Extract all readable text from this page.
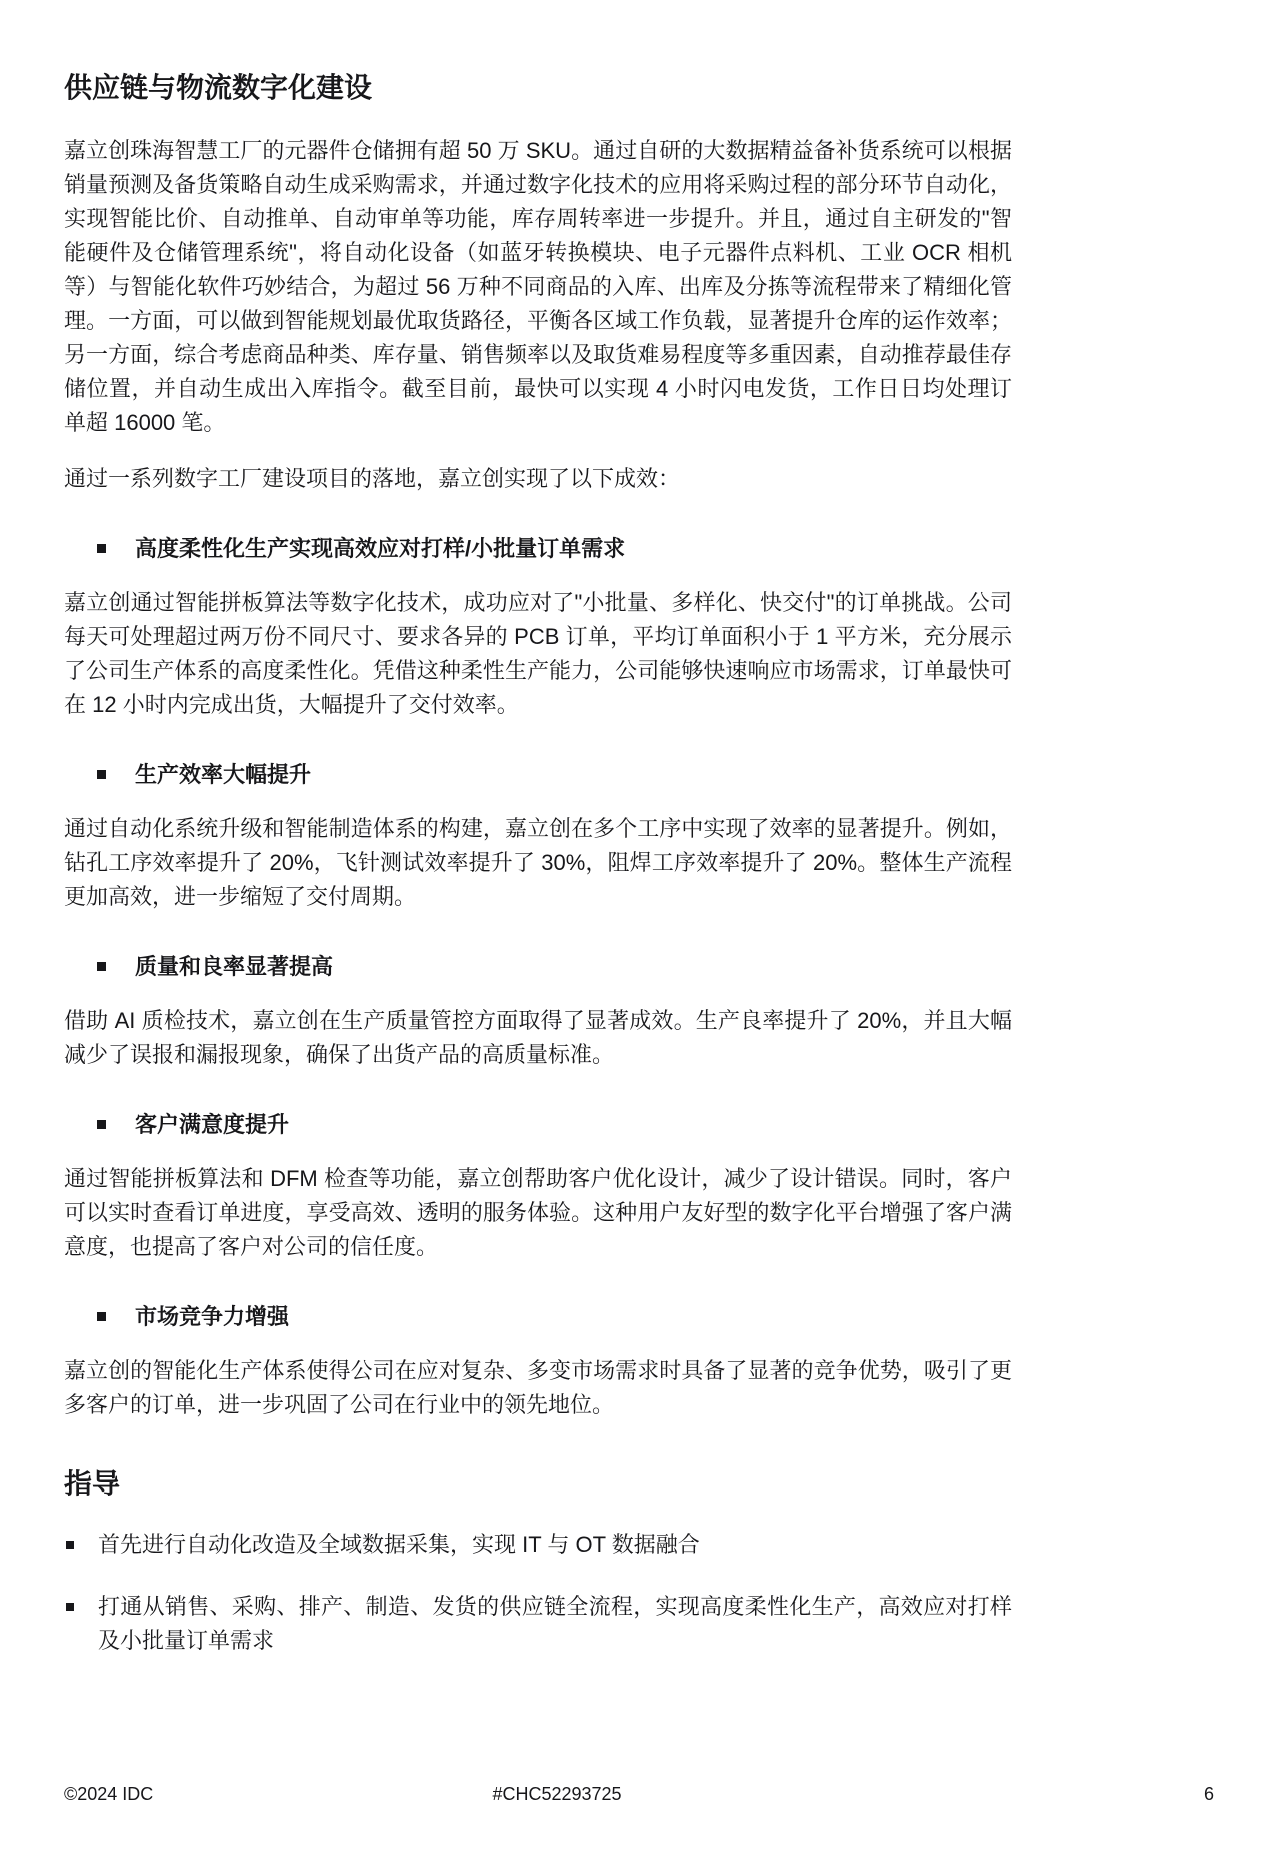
供应链与物流数字化建设

嘉立创珠海智慧工厂的元器件仓储拥有超 50 万 SKU。通过自研的大数据精益备补货系统可以根据销量预测及备货策略自动生成采购需求，并通过数字化技术的应用将采购过程的部分环节自动化，实现智能比价、自动推单、自动审单等功能，库存周转率进一步提升。并且，通过自主研发的"智能硬件及仓储管理系统"，将自动化设备（如蓝牙转换模块、电子元器件点料机、工业 OCR 相机等）与智能化软件巧妙结合，为超过 56 万种不同商品的入库、出库及分拣等流程带来了精细化管理。一方面，可以做到智能规划最优取货路径，平衡各区域工作负载，显著提升仓库的运作效率；另一方面，综合考虑商品种类、库存量、销售频率以及取货难易程度等多重因素，自动推荐最佳存储位置，并自动生成出入库指令。截至目前，最快可以实现 4 小时闪电发货，工作日日均处理订单超 16000 笔。

通过一系列数字工厂建设项目的落地，嘉立创实现了以下成效：

高度柔性化生产实现高效应对打样/小批量订单需求

嘉立创通过智能拼板算法等数字化技术，成功应对了"小批量、多样化、快交付"的订单挑战。公司每天可处理超过两万份不同尺寸、要求各异的 PCB 订单，平均订单面积小于 1 平方米，充分展示了公司生产体系的高度柔性化。凭借这种柔性生产能力，公司能够快速响应市场需求，订单最快可在 12 小时内完成出货，大幅提升了交付效率。

生产效率大幅提升

通过自动化系统升级和智能制造体系的构建，嘉立创在多个工序中实现了效率的显著提升。例如，钻孔工序效率提升了 20%，飞针测试效率提升了 30%，阻焊工序效率提升了 20%。整体生产流程更加高效，进一步缩短了交付周期。

质量和良率显著提高

借助 AI 质检技术，嘉立创在生产质量管控方面取得了显著成效。生产良率提升了 20%，并且大幅减少了误报和漏报现象，确保了出货产品的高质量标准。

客户满意度提升

通过智能拼板算法和 DFM 检查等功能，嘉立创帮助客户优化设计，减少了设计错误。同时，客户可以实时查看订单进度，享受高效、透明的服务体验。这种用户友好型的数字化平台增强了客户满意度，也提高了客户对公司的信任度。

市场竞争力增强

嘉立创的智能化生产体系使得公司在应对复杂、多变市场需求时具备了显著的竞争优势，吸引了更多客户的订单，进一步巩固了公司在行业中的领先地位。

指导
首先进行自动化改造及全域数据采集，实现 IT 与 OT 数据融合
打通从销售、采购、排产、制造、发货的供应链全流程，实现高度柔性化生产，高效应对打样及小批量订单需求
©2024 IDC	#CHC52293725	6
